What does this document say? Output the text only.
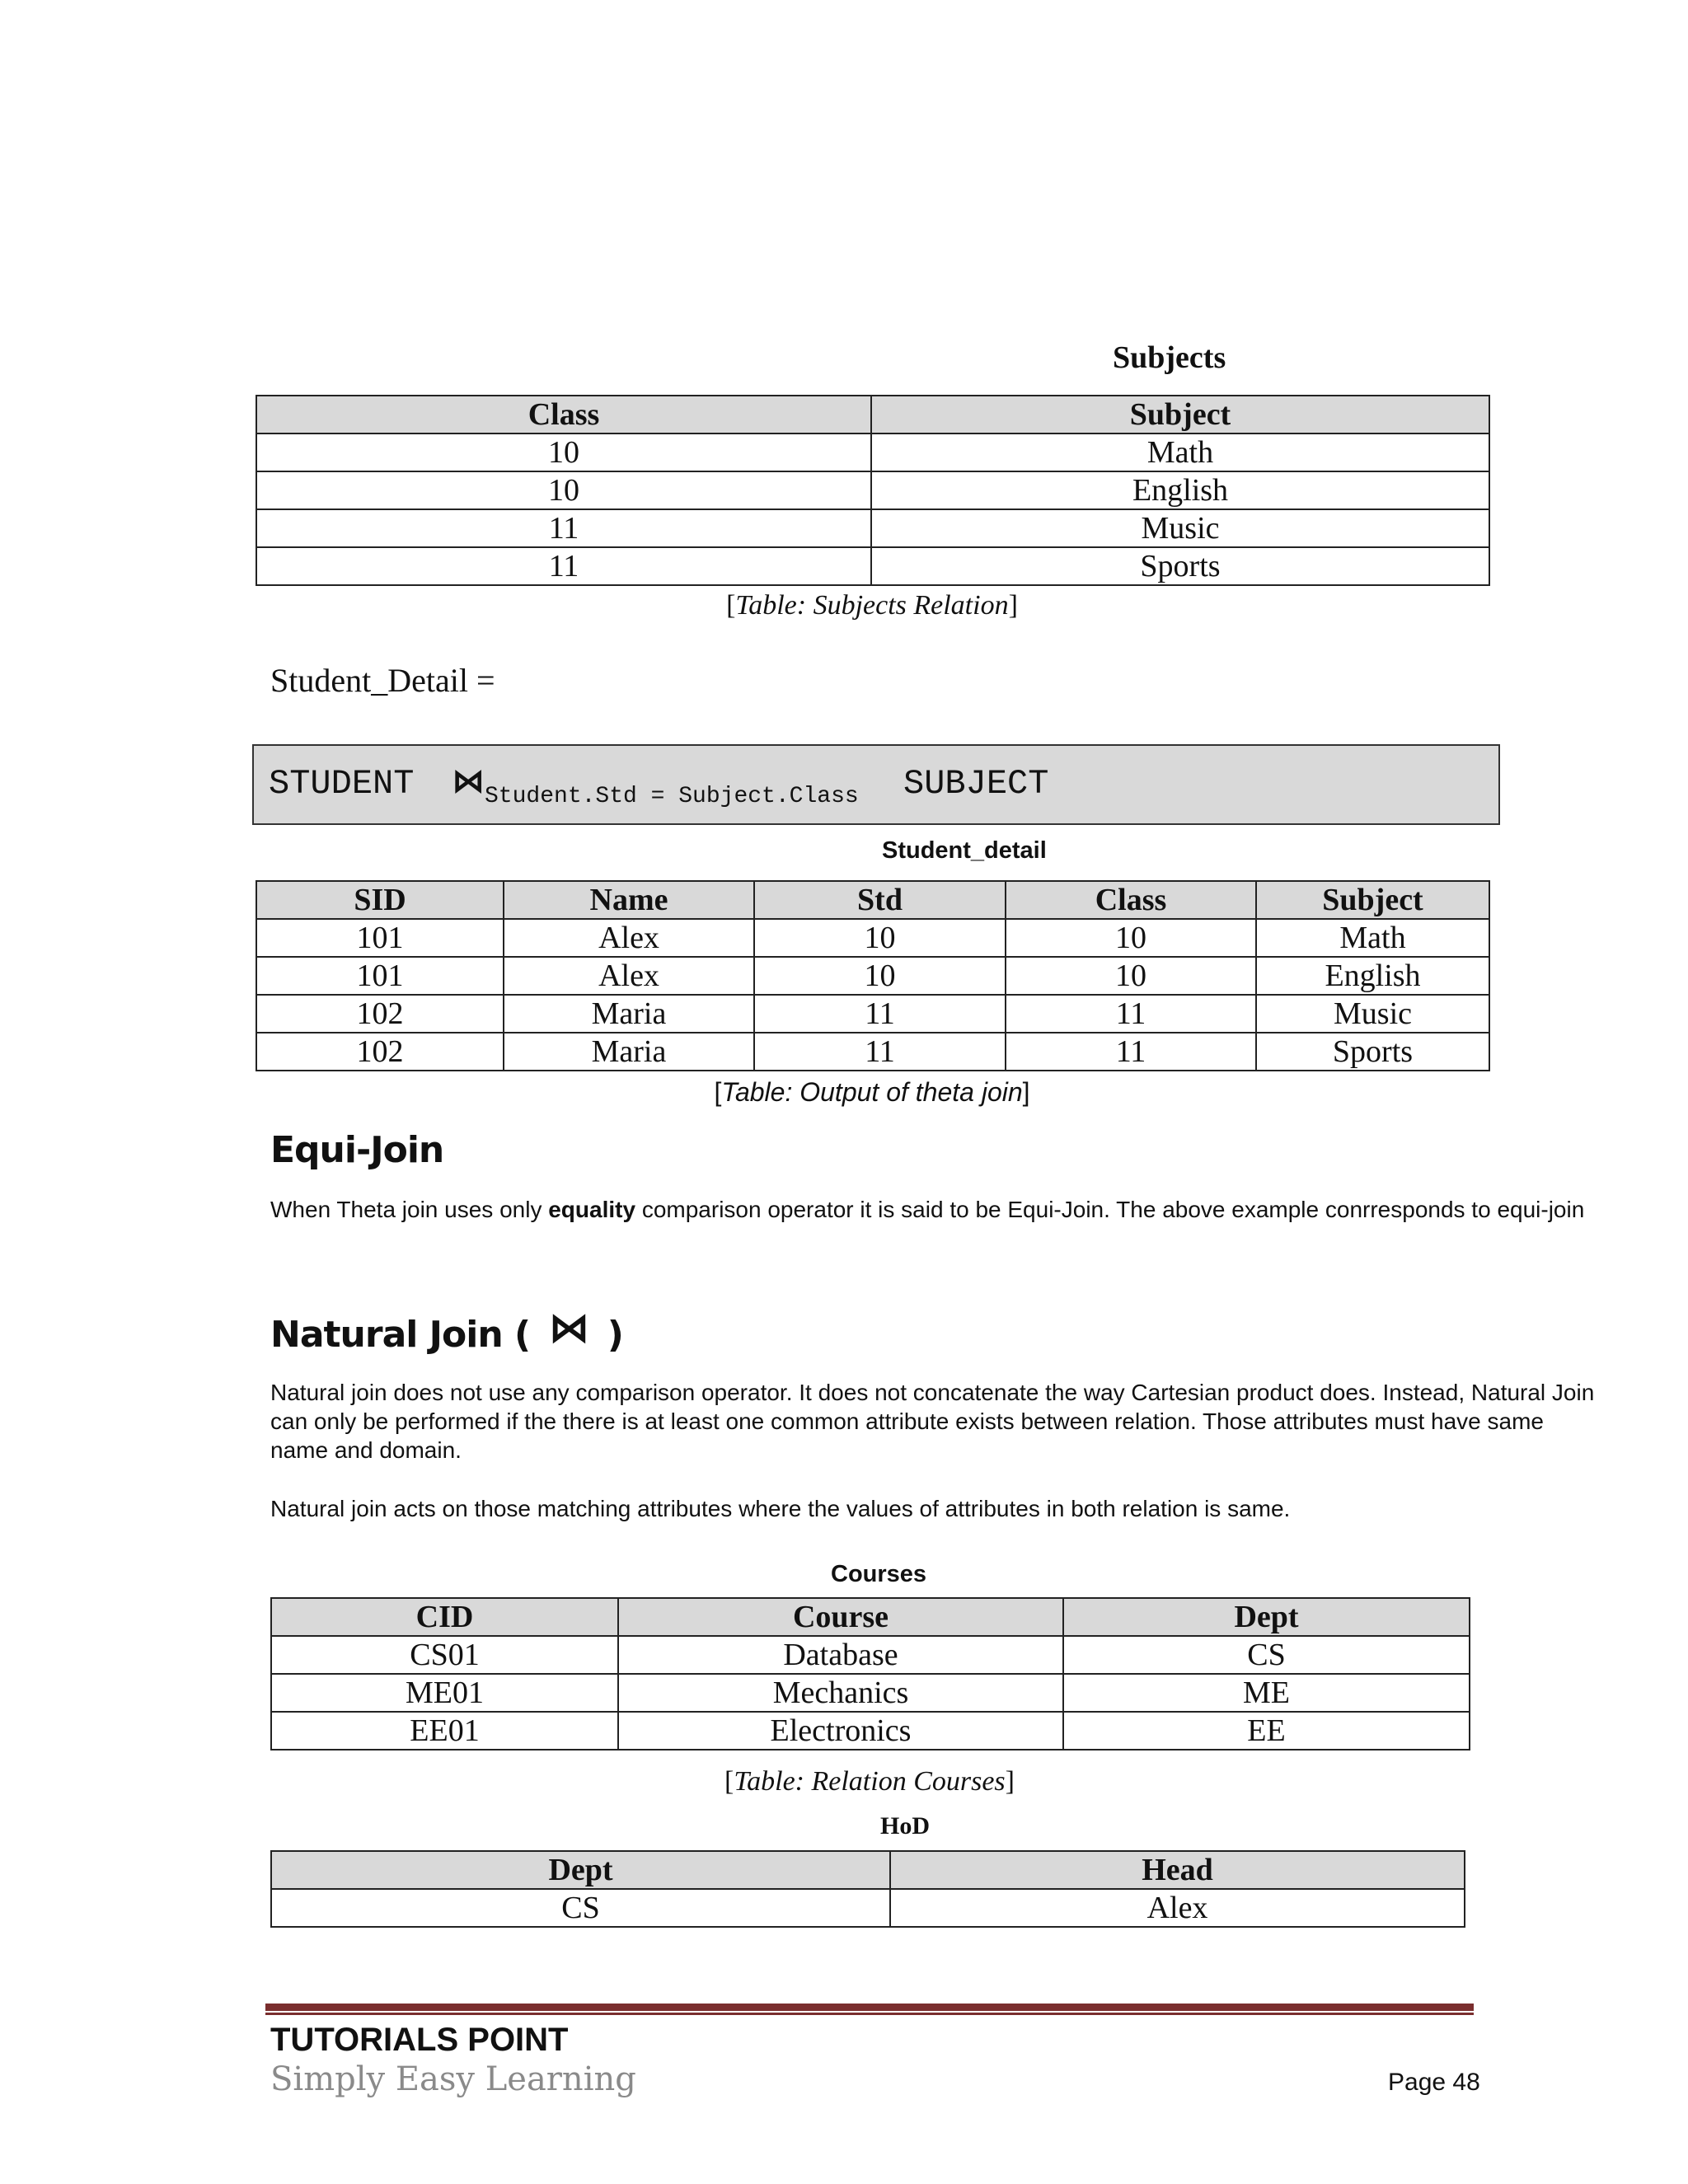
Subjects
Class	Subject
10	Math
10	English
11	Music
11	Sports
[Table: Subjects Relation]
Student_Detail =
STUDENT ⋈ Student.Std = Subject.Class SUBJECT
Student_detail
SID	Name	Std	Class	Subject
101	Alex	10	10	Math
101	Alex	10	10	English
102	Maria	11	11	Music
102	Maria	11	11	Sports
[Table: Output of theta join]
Equi-Join
When Theta join uses only equality comparison operator it is said to be Equi-Join. The above example conrresponds to equi-join
Natural Join ( ⋈ )
Natural join does not use any comparison operator. It does not concatenate the way Cartesian product does. Instead, Natural Join can only be performed if the there is at least one common attribute exists between relation. Those attributes must have same name and domain.
Natural join acts on those matching attributes where the values of attributes in both relation is same.
Courses
CID	Course	Dept
CS01	Database	CS
ME01	Mechanics	ME
EE01	Electronics	EE
[Table: Relation Courses]
HoD
Dept	Head
CS	Alex
TUTORIALS POINT
Simply Easy Learning	Page 48
